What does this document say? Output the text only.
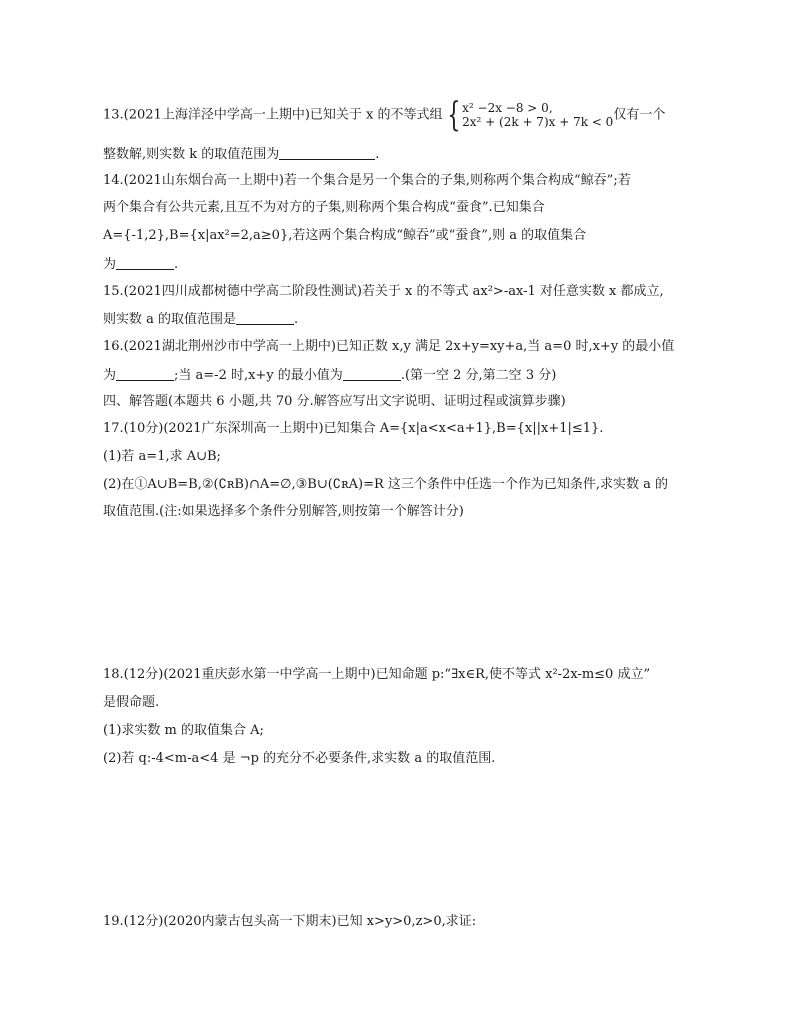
13.(2021上海洋泾中学高一上期中)已知关于 x 的不等式组 { x² −2x −8 > 0,
2x² + (2k + 7)x + 7k < 0 仅有一个
整数解,则实数 k 的取值范围为	.
14.(2021山东烟台高一上期中)若一个集合是另一个集合的子集,则称两个集合构成“鲸吞”;若
两个集合有公共元素,且互不为对方的子集,则称两个集合构成“蚕食”.已知集合
A={-1,2},B={x|ax²=2,a≥0},若这两个集合构成“鲸吞”或“蚕食”,则 a 的取值集合
为	.
15.(2021四川成都树德中学高二阶段性测试)若关于 x 的不等式 ax²>-ax-1 对任意实数 x 都成立,
则实数 a 的取值范围是	.
16.(2021湖北荆州沙市中学高一上期中)已知正数 x,y 满足 2x+y=xy+a,当 a=0 时,x+y 的最小值
为	;当 a=-2 时,x+y 的最小值为	.(第一空 2 分,第二空 3 分)
四、解答题(本题共 6 小题,共 70 分.解答应写出文字说明、证明过程或演算步骤)
17.(10分)(2021广东深圳高一上期中)已知集合 A={x|a<x<a+1},B={x||x+1|≤1}.
(1)若 a=1,求 A∪B;
(2)在①A∪B=B,②(∁ʀB)∩A=∅,③B∪(∁ʀA)=R 这三个条件中任选一个作为已知条件,求实数 a 的
取值范围.(注:如果选择多个条件分别解答,则按第一个解答计分)
18.(12分)(2021重庆彭水第一中学高一上期中)已知命题 p:“∃x∈R,使不等式 x²-2x-m≤0 成立”
是假命题.
(1)求实数 m 的取值集合 A;
(2)若 q:-4<m-a<4 是 ¬p 的充分不必要条件,求实数 a 的取值范围.
19.(12分)(2020内蒙古包头高一下期末)已知 x>y>0,z>0,求证:
